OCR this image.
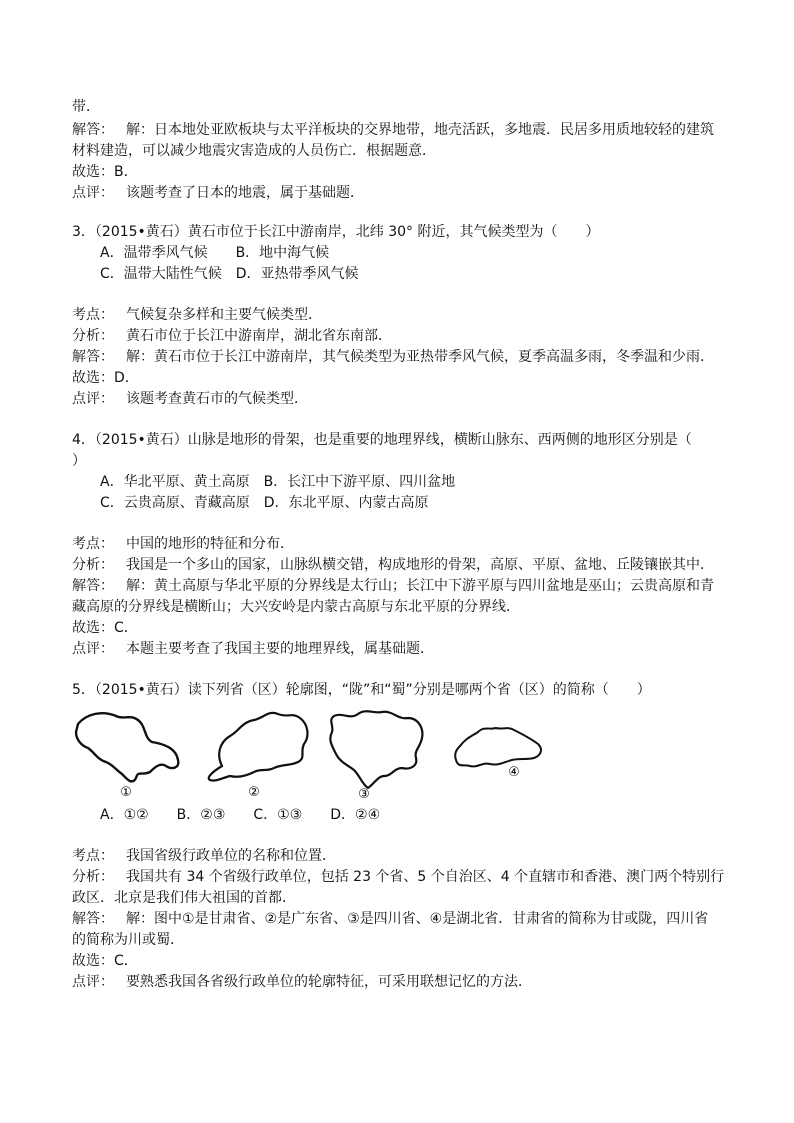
带．
解答： 解：日本地处亚欧板块与太平洋板块的交界地带，地壳活跃，多地震．民居多用质地较轻的建筑
材料建造，可以减少地震灾害造成的人员伤亡．根据题意．
故选：B．
点评： 该题考查了日本的地震，属于基础题．
3．（2015•黄石）黄石市位于长江中游南岸，北纬 30° 附近，其气候类型为（　　）
A．温带季风气候　　B．地中海气候
C．温带大陆性气候　D．亚热带季风气候
考点： 气候复杂多样和主要气候类型．
分析： 黄石市位于长江中游南岸，湖北省东南部．
解答： 解：黄石市位于长江中游南岸，其气候类型为亚热带季风气候，夏季高温多雨，冬季温和少雨．
故选：D．
点评： 该题考查黄石市的气候类型．
4．（2015•黄石）山脉是地形的骨架，也是重要的地理界线，横断山脉东、西两侧的地形区分别是（
）
A．华北平原、黄土高原　B．长江中下游平原、四川盆地
C．云贵高原、青藏高原　D．东北平原、内蒙古高原
考点： 中国的地形的特征和分布．
分析： 我国是一个多山的国家，山脉纵横交错，构成地形的骨架，高原、平原、盆地、丘陵镶嵌其中．
解答： 解：黄土高原与华北平原的分界线是太行山；长江中下游平原与四川盆地是巫山；云贵高原和青
藏高原的分界线是横断山；大兴安岭是内蒙古高原与东北平原的分界线．
故选：C．
点评： 本题主要考查了我国主要的地理界线，属基础题．
5．（2015•黄石）读下列省（区）轮廓图，“陇”和“蜀”分别是哪两个省（区）的简称（　　）
①	②	③
④
A．①②　　B．②③　　C．①③　　D．②④
考点： 我国省级行政单位的名称和位置．
分析： 我国共有 34 个省级行政单位，包括 23 个省、5 个自治区、4 个直辖市和香港、澳门两个特别行
政区．北京是我们伟大祖国的首都．
解答： 解：图中①是甘肃省、②是广东省、③是四川省、④是湖北省．甘肃省的简称为甘或陇，四川省
的简称为川或蜀．
故选：C．
点评： 要熟悉我国各省级行政单位的轮廓特征，可采用联想记忆的方法．
